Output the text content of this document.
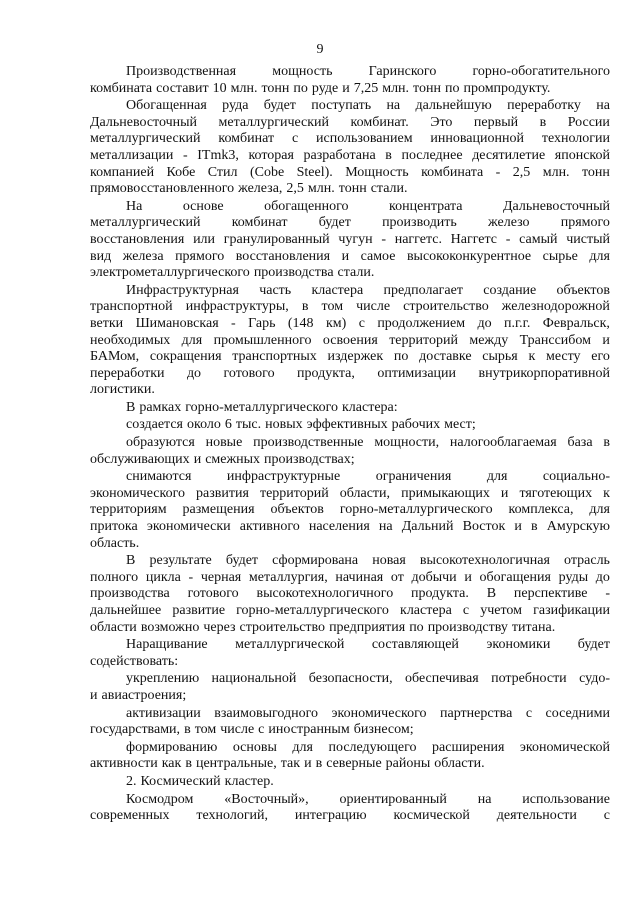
9
Производственная	мощность	Гаринского	горно-обогатительного
комбината составит 10 млн. тонн по руде и 7,25 млн. тонн по промпродукту.
Обогащенная руда будет поступать на дальнейшую переработку на
Дальневосточный металлургический комбинат. Это первый в России
металлургический комбинат с использованием инновационной технологии
металлизации - ITmk3, которая разработана в последнее десятилетие японской
компанией Кобе Стил (Cobe Steel). Мощность комбината - 2,5 млн. тонн
прямовосстановленного железа, 2,5 млн. тонн стали.
На	основе	обогащенного	концентрата	Дальневосточный
металлургический комбинат будет производить железо прямого
восстановления или гранулированный чугун - наггетс. Наггетс - самый чистый
вид железа прямого восстановления и самое высококонкурентное сырье для
электрометаллургического производства стали.
Инфраструктурная часть кластера предполагает создание объектов
транспортной инфраструктуры, в том числе строительство железнодорожной
ветки Шимановская - Гарь (148 км) с продолжением до п.г.г. Февральск,
необходимых для промышленного освоения территорий между Транссибом и
БАМом, сокращения транспортных издержек по доставке сырья к месту его
переработки до готового продукта, оптимизации внутрикорпоративной
логистики.
В рамках горно-металлургического кластера:
создается около 6 тыс. новых эффективных рабочих мест;
образуются новые производственные мощности, налогооблагаемая база в
обслуживающих и смежных производствах;
снимаются	инфраструктурные	ограничения	для	социально-
экономического развития территорий области, примыкающих и тяготеющих к
территориям размещения объектов горно-металлургического комплекса, для
притока экономически активного населения на Дальний Восток и в Амурскую
область.
В результате будет сформирована новая высокотехнологичная отрасль
полного цикла - черная металлургия, начиная от добычи и обогащения руды до
производства готового высокотехнологичного продукта. В перспективе -
дальнейшее развитие горно-металлургического кластера с учетом газификации
области возможно через строительство предприятия по производству титана.
Наращивание металлургической составляющей экономики будет
содействовать:
укреплению национальной безопасности, обеспечивая потребности судо-
и авиастроения;
активизации взаимовыгодного экономического партнерства с соседними
государствами, в том числе с иностранным бизнесом;
формированию основы для последующего расширения экономической
активности как в центральные, так и в северные районы области.
2. Космический кластер.
Космодром «Восточный», ориентированный на использование
современных технологий, интеграцию космической деятельности с
